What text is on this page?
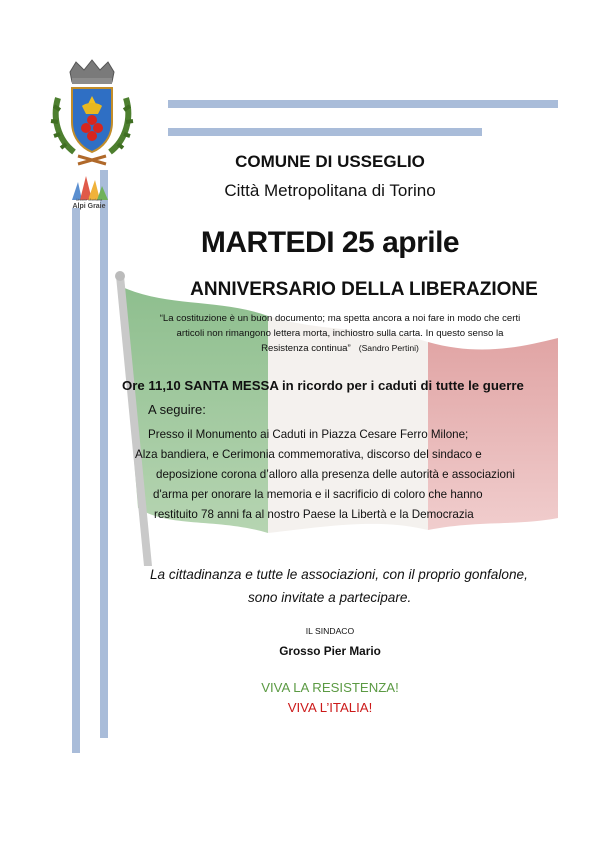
Unione Montana
Alpi Graie
COMUNE DI USSEGLIO
Città Metropolitana di Torino
MARTEDI 25 aprile
ANNIVERSARIO DELLA LIBERAZIONE
“La costituzione è un buon documento; ma spetta ancora a noi fare in modo che certi
articoli non rimangono lettera morta, inchiostro sulla carta. In questo senso la
Resistenza continua” (Sandro Pertini)
Ore 11,10 SANTA MESSA in ricordo per i caduti di tutte le guerre
A seguire:
Presso il Monumento ai Caduti in Piazza Cesare Ferro Milone;
Alza bandiera, e Cerimonia commemorativa, discorso del sindaco e
deposizione corona d’alloro alla presenza delle autorità e associazioni
d'arma per onorare la memoria e il sacrificio di coloro che hanno
restituito 78 anni fa al nostro Paese la Libertà e la Democrazia
La cittadinanza e tutte le associazioni, con il proprio gonfalone,
sono invitate a partecipare.
IL SINDACO
Grosso Pier Mario
VIVA LA RESISTENZA!
VIVA L’ITALIA!
